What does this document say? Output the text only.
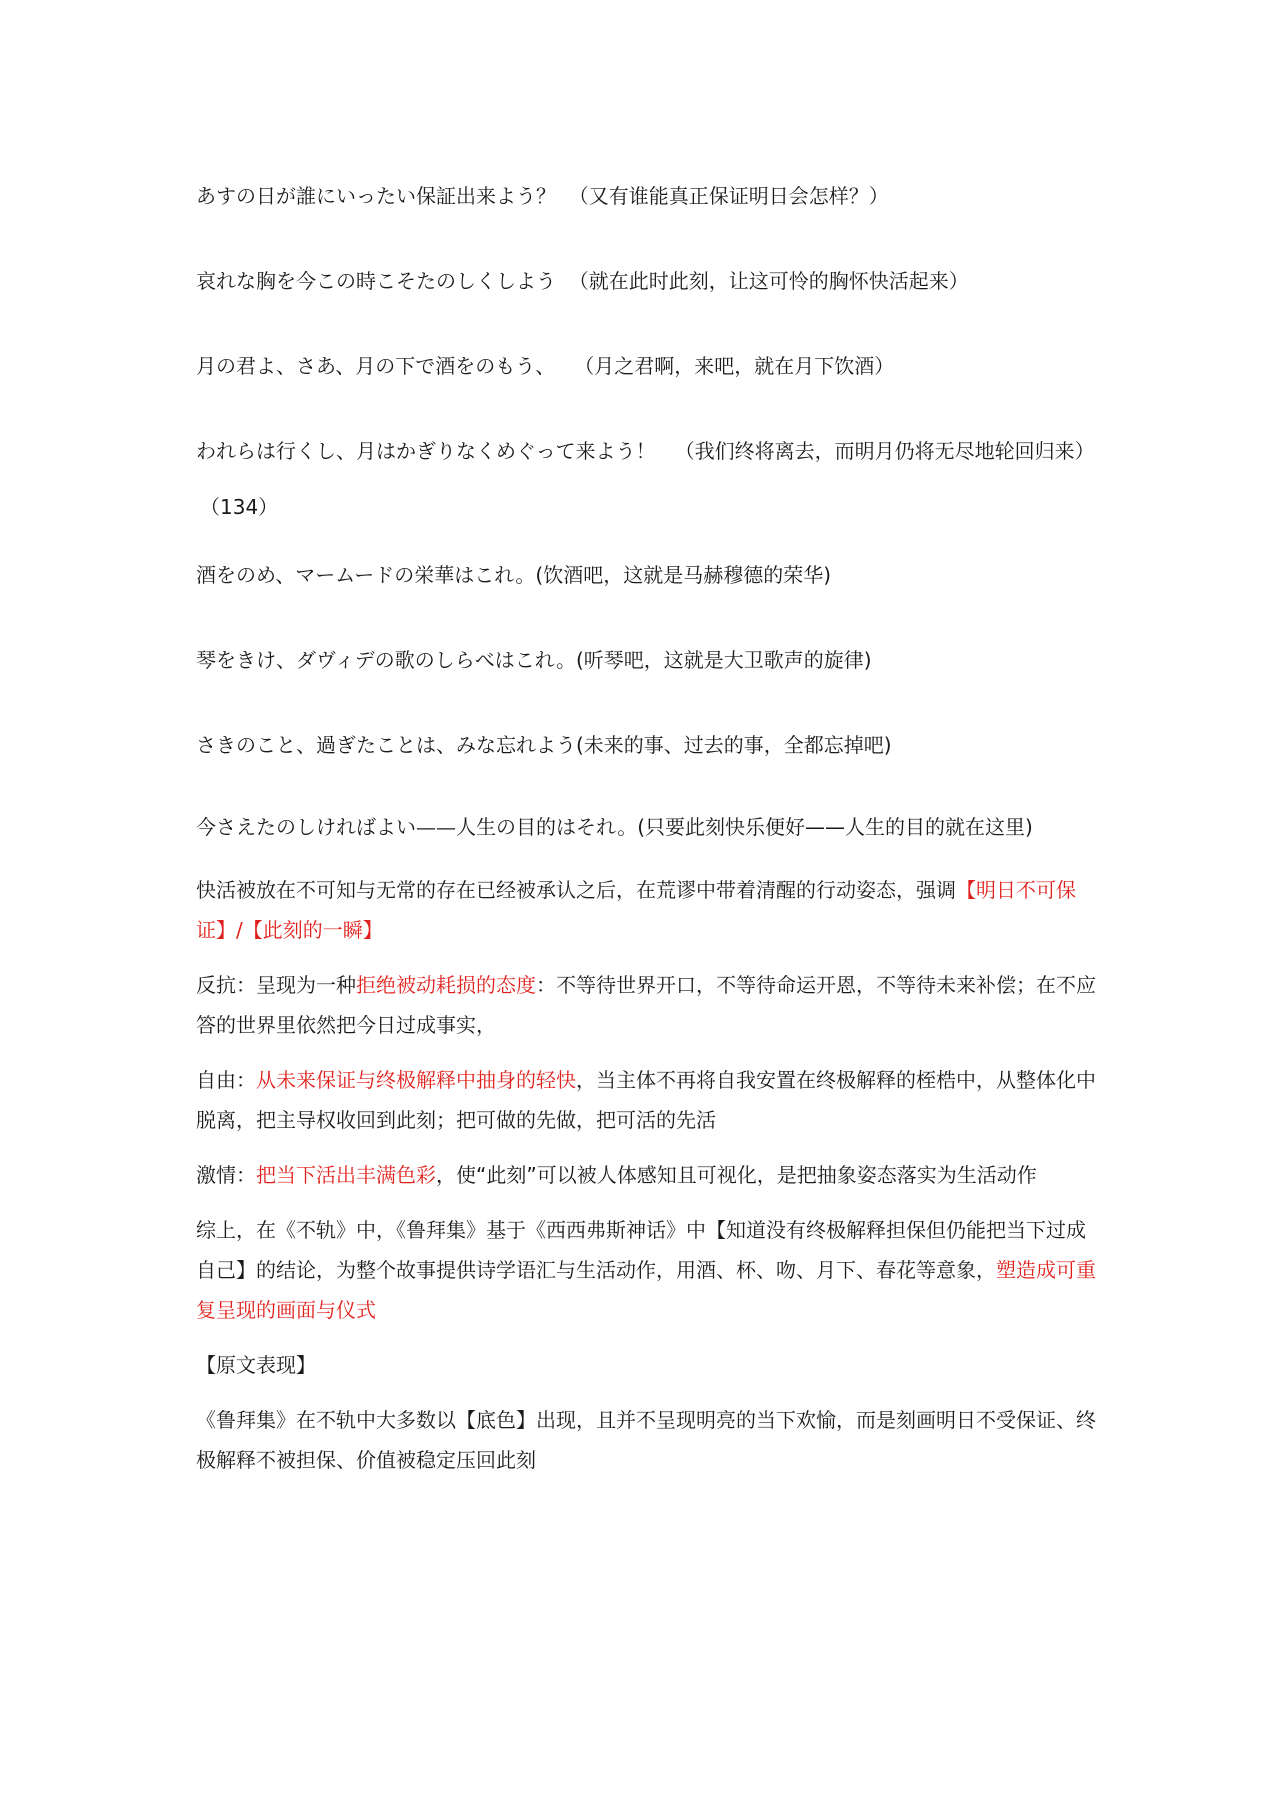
あすの日が誰にいったい保証出来よう？ （又有谁能真正保证明日会怎样？）

哀れな胸を今この時こそたのしくしよう （就在此时此刻，让这可怜的胸怀快活起来）

月の君よ、さあ、月の下で酒をのもう、 （月之君啊，来吧，就在月下饮酒）

われらは行くし、月はかぎりなくめぐって来よう！ （我们终将离去，而明月仍将无尽地轮回归来）

（134）

酒をのめ、マームードの栄華はこれ。(饮酒吧，这就是马赫穆德的荣华)

琴をきけ、ダヴィデの歌のしらべはこれ。(听琴吧，这就是大卫歌声的旋律)

さきのこと、過ぎたことは、みな忘れよう(未来的事、过去的事，全都忘掉吧)

今さえたのしければよい——人生の目的はそれ。(只要此刻快乐便好——人生的目的就在这里)

快活被放在不可知与无常的存在已经被承认之后，在荒谬中带着清醒的行动姿态，强调【明日不可保证】/【此刻的一瞬】

反抗：呈现为一种拒绝被动耗损的态度：不等待世界开口，不等待命运开恩，不等待未来补偿；在不应答的世界里依然把今日过成事实，

自由：从未来保证与终极解释中抽身的轻快，当主体不再将自我安置在终极解释的桎梏中，从整体化中脱离，把主导权收回到此刻；把可做的先做，把可活的先活

激情：把当下活出丰满色彩，使“此刻”可以被人体感知且可视化，是把抽象姿态落实为生活动作

综上，在《不轨》中，《鲁拜集》基于《西西弗斯神话》中【知道没有终极解释担保但仍能把当下过成自己】的结论，为整个故事提供诗学语汇与生活动作，用酒、杯、吻、月下、春花等意象，塑造成可重复呈现的画面与仪式

【原文表现】

《鲁拜集》在不轨中大多数以【底色】出现，且并不呈现明亮的当下欢愉，而是刻画明日不受保证、终极解释不被担保、价值被稳定压回此刻
